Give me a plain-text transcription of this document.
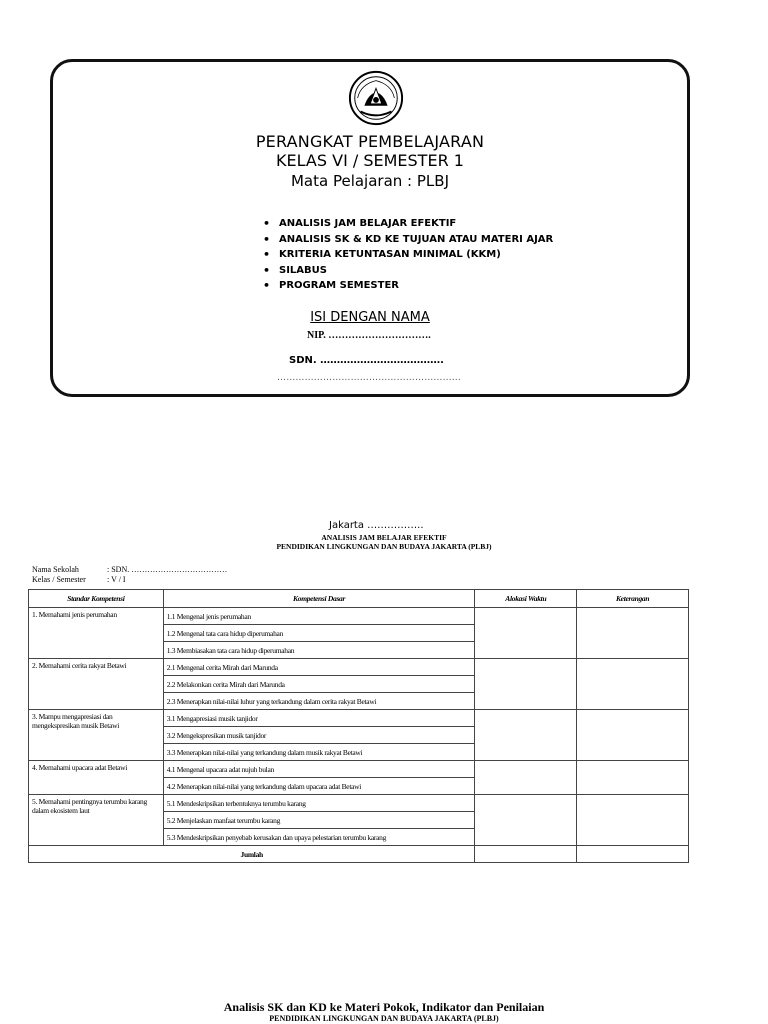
PERANGKAT PEMBELAJARAN
KELAS VI / SEMESTER 1
Mata Pelajaran : PLBJ
• ANALISIS JAM BELAJAR EFEKTIF
• ANALISIS SK & KD KE TUJUAN ATAU MATERI AJAR
• KRITERIA KETUNTASAN MINIMAL (KKM)
• SILABUS
• PROGRAM SEMESTER
ISI DENGAN NAMA
NIP. ………………………….
SDN. ……………………………….
……………………………………………………
Jakarta ……………..
ANALISIS JAM BELAJAR EFEKTIF
PENDIDIKAN LINGKUNGAN DAN BUDAYA JAKARTA (PLBJ)
Nama Sekolah	: SDN. ………………………………
Kelas / Semester	: V / I
Standar Kompetensi	Kompetensi Dasar	Alokasi Waktu	Keterangan
1. Memahami jenis perumahan	1.1 Mengenal jenis perumahan		
	1.2 Mengenal tata cara hidup diperumahan		
	1.3 Membiasakan tata cara hidup diperumahan		
2. Memahami cerita rakyat Betawi	2.1 Mengenal cerita Mirah dari Marunda		
	2.2 Melakonkan cerita Mirah dari Marunda		
	2.3 Menerapkan nilai-nilai luhur yang terkandung dalam cerita rakyat Betawi		
3. Mampu mengapresiasi dan mengekspresikan musik Betawi	3.1 Mengapresiasi musik tanjidor		
	3.2 Mengekspresikan musik tanjidor		
	3.3 Menerapkan nilai-nilai yang terkandung dalam musik rakyat Betawi		
4. Memahami upacara adat Betawi	4.1 Mengenal upacara adat nujuh bulan		
	4.2 Menerapkan nilai-nilai yang terkandung dalam upacara adat Betawi		
5. Memahami pentingnya terumbu karang dalam ekosistem laut	5.1 Mendeskripsikan terbentuknya terumbu karang		
	5.2 Menjelaskan manfaat terumbu karang		
	5.3 Mendeskripsikan penyebab kerusakan dan upaya pelestarian terumbu karang		
Jumlah			
Analisis SK dan KD ke Materi Pokok, Indikator dan Penilaian
PENDIDIKAN LINGKUNGAN DAN BUDAYA JAKARTA (PLBJ)
